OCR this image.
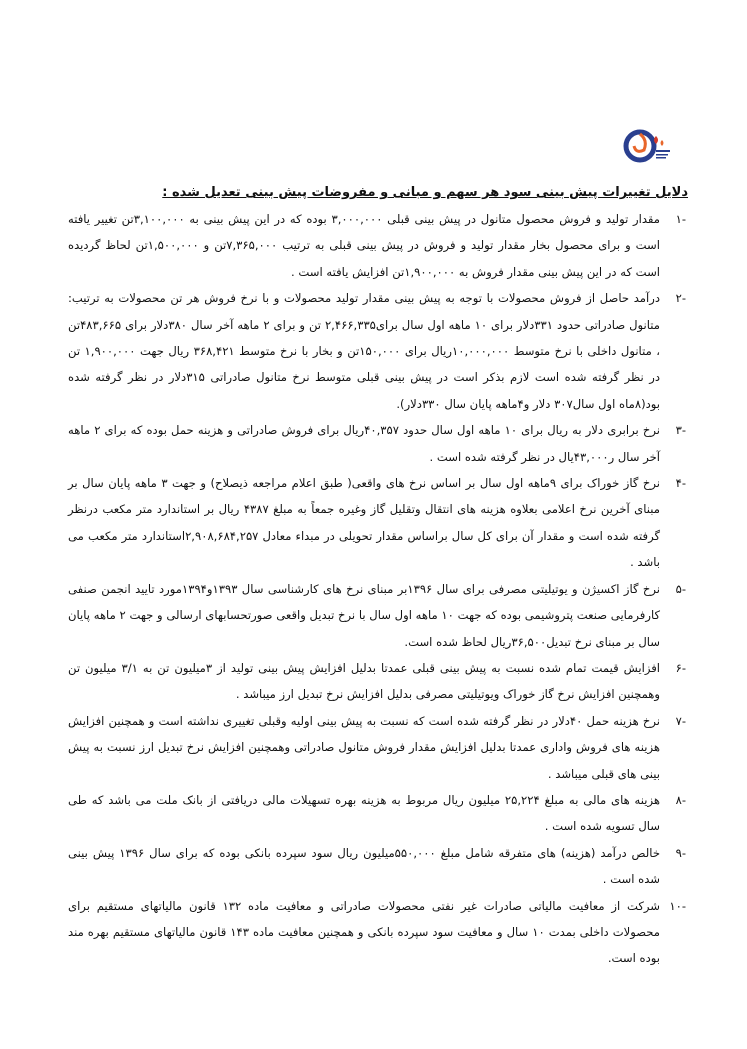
دلایل تغییرات پیش بینی سود هر سهم و مبانی و مفروضات پیش بینی تعدیل شده :
-۱
مقدار تولید و فروش محصول متانول در پیش بینی قبلی ۳,۰۰۰,۰۰۰ بوده که در این پیش بینی به ۳,۱۰۰,۰۰۰تن تغییر یافته است و برای محصول بخار مقدار تولید و فروش در پیش بینی قبلی به ترتیب ۷,۳۶۵,۰۰۰تن و ۱,۵۰۰,۰۰۰تن لحاظ گردیده است که در این پیش بینی مقدار فروش به ۱,۹۰۰,۰۰۰تن افزایش یافته است .
-۲
درآمد حاصل از فروش محصولات با توجه به پیش بینی مقدار تولید محصولات و با نرخ فروش هر تن محصولات به ترتیب: متانول صادراتی حدود ۳۳۱دلار برای ۱۰ ماهه اول سال برای۲,۴۶۶,۳۳۵ تن و برای ۲ ماهه آخر سال ۳۸۰دلار برای ۴۸۳,۶۶۵تن ، متانول داخلی با نرخ متوسط ۱۰,۰۰۰,۰۰۰ریال برای ۱۵۰,۰۰۰تن و بخار با نرخ متوسط ۳۶۸,۴۲۱ ریال جهت ۱,۹۰۰,۰۰۰ تن در نظر گرفته شده است لازم بذکر است در پیش بینی قبلی متوسط نرخ متانول صادراتی ۳۱۵دلار در نظر گرفته شده بود(۸ماه اول سال۳۰۷ دلار و۴ماهه پایان سال ۳۳۰دلار).
-۳
نرخ برابری دلار به ریال برای ۱۰ ماهه اول سال حدود ۴۰,۳۵۷ریال برای فروش صادراتی و هزینه حمل بوده که برای ۲ ماهه آخر سال ر۴۳,۰۰۰یال در نظر گرفته شده است .
-۴
نرخ گاز خوراک برای ۹ماهه اول سال بر اساس نرخ های واقعی( طبق اعلام مراجعه ذیصلاح) و جهت ۳ ماهه پایان سال بر مبنای آخرین نرخ اعلامی بعلاوه هزینه های انتقال وتقلیل گاز وغیره جمعاً به مبلغ ۴۳۸۷ ریال بر استاندارد متر مکعب درنظر گرفته شده است و مقدار آن برای کل سال براساس مقدار تحویلی در مبداء معادل ۲,۹۰۸,۶۸۴,۲۵۷استاندارد متر مکعب می باشد .
-۵
نرخ گاز اکسیژن و یوتیلیتی مصرفی برای سال ۱۳۹۶بر مبنای نرخ های کارشناسی سال ۱۳۹۳و۱۳۹۴مورد تایید انجمن صنفی کارفرمایی صنعت پتروشیمی بوده که جهت ۱۰ ماهه اول سال با نرخ تبدیل واقعی صورتحسابهای ارسالی و جهت ۲ ماهه پایان سال بر مبنای نرخ تبدیل۳۶,۵۰۰ریال لحاظ شده است.
-۶
افزایش قیمت تمام شده نسبت به پیش بینی قبلی عمدتا بدلیل افزایش پیش بینی تولید از ۳میلیون تن به ۳/۱ میلیون تن وهمچنین افزایش نرخ گاز خوراک ویوتیلیتی مصرفی بدلیل افزایش نرخ تبدیل ارز میباشد .
-۷
نرخ هزینه حمل ۴۰دلار در نظر گرفته شده است که نسبت به پیش بینی اولیه وقبلی تغییری نداشته است و همچنین افزایش هزینه های فروش واداری عمدتا بدلیل افزایش مقدار فروش متانول صادراتی وهمچنین افزایش نرخ تبدیل ارز نسبت به پیش بینی های قبلی میباشد .
-۸
هزینه های مالی به مبلغ ۲۵,۲۲۴ میلیون ریال مربوط به هزینه بهره تسهیلات مالی دریافتی از بانک ملت می باشد که طی سال تسویه شده است .
-۹
خالص درآمد (هزینه) های متفرقه شامل مبلغ ۵۵۰,۰۰۰میلیون ریال سود سپرده بانکی بوده که برای سال ۱۳۹۶ پیش بینی شده است .
-۱۰
شرکت از معافیت مالیاتی صادرات غیر نفتی محصولات صادراتی و معافیت ماده ۱۳۲ قانون مالیاتهای مستقیم برای محصولات داخلی بمدت ۱۰ سال و معافیت سود سپرده بانکی و همچنین معافیت ماده ۱۴۳ قانون مالیاتهای مستقیم بهره مند بوده است.
